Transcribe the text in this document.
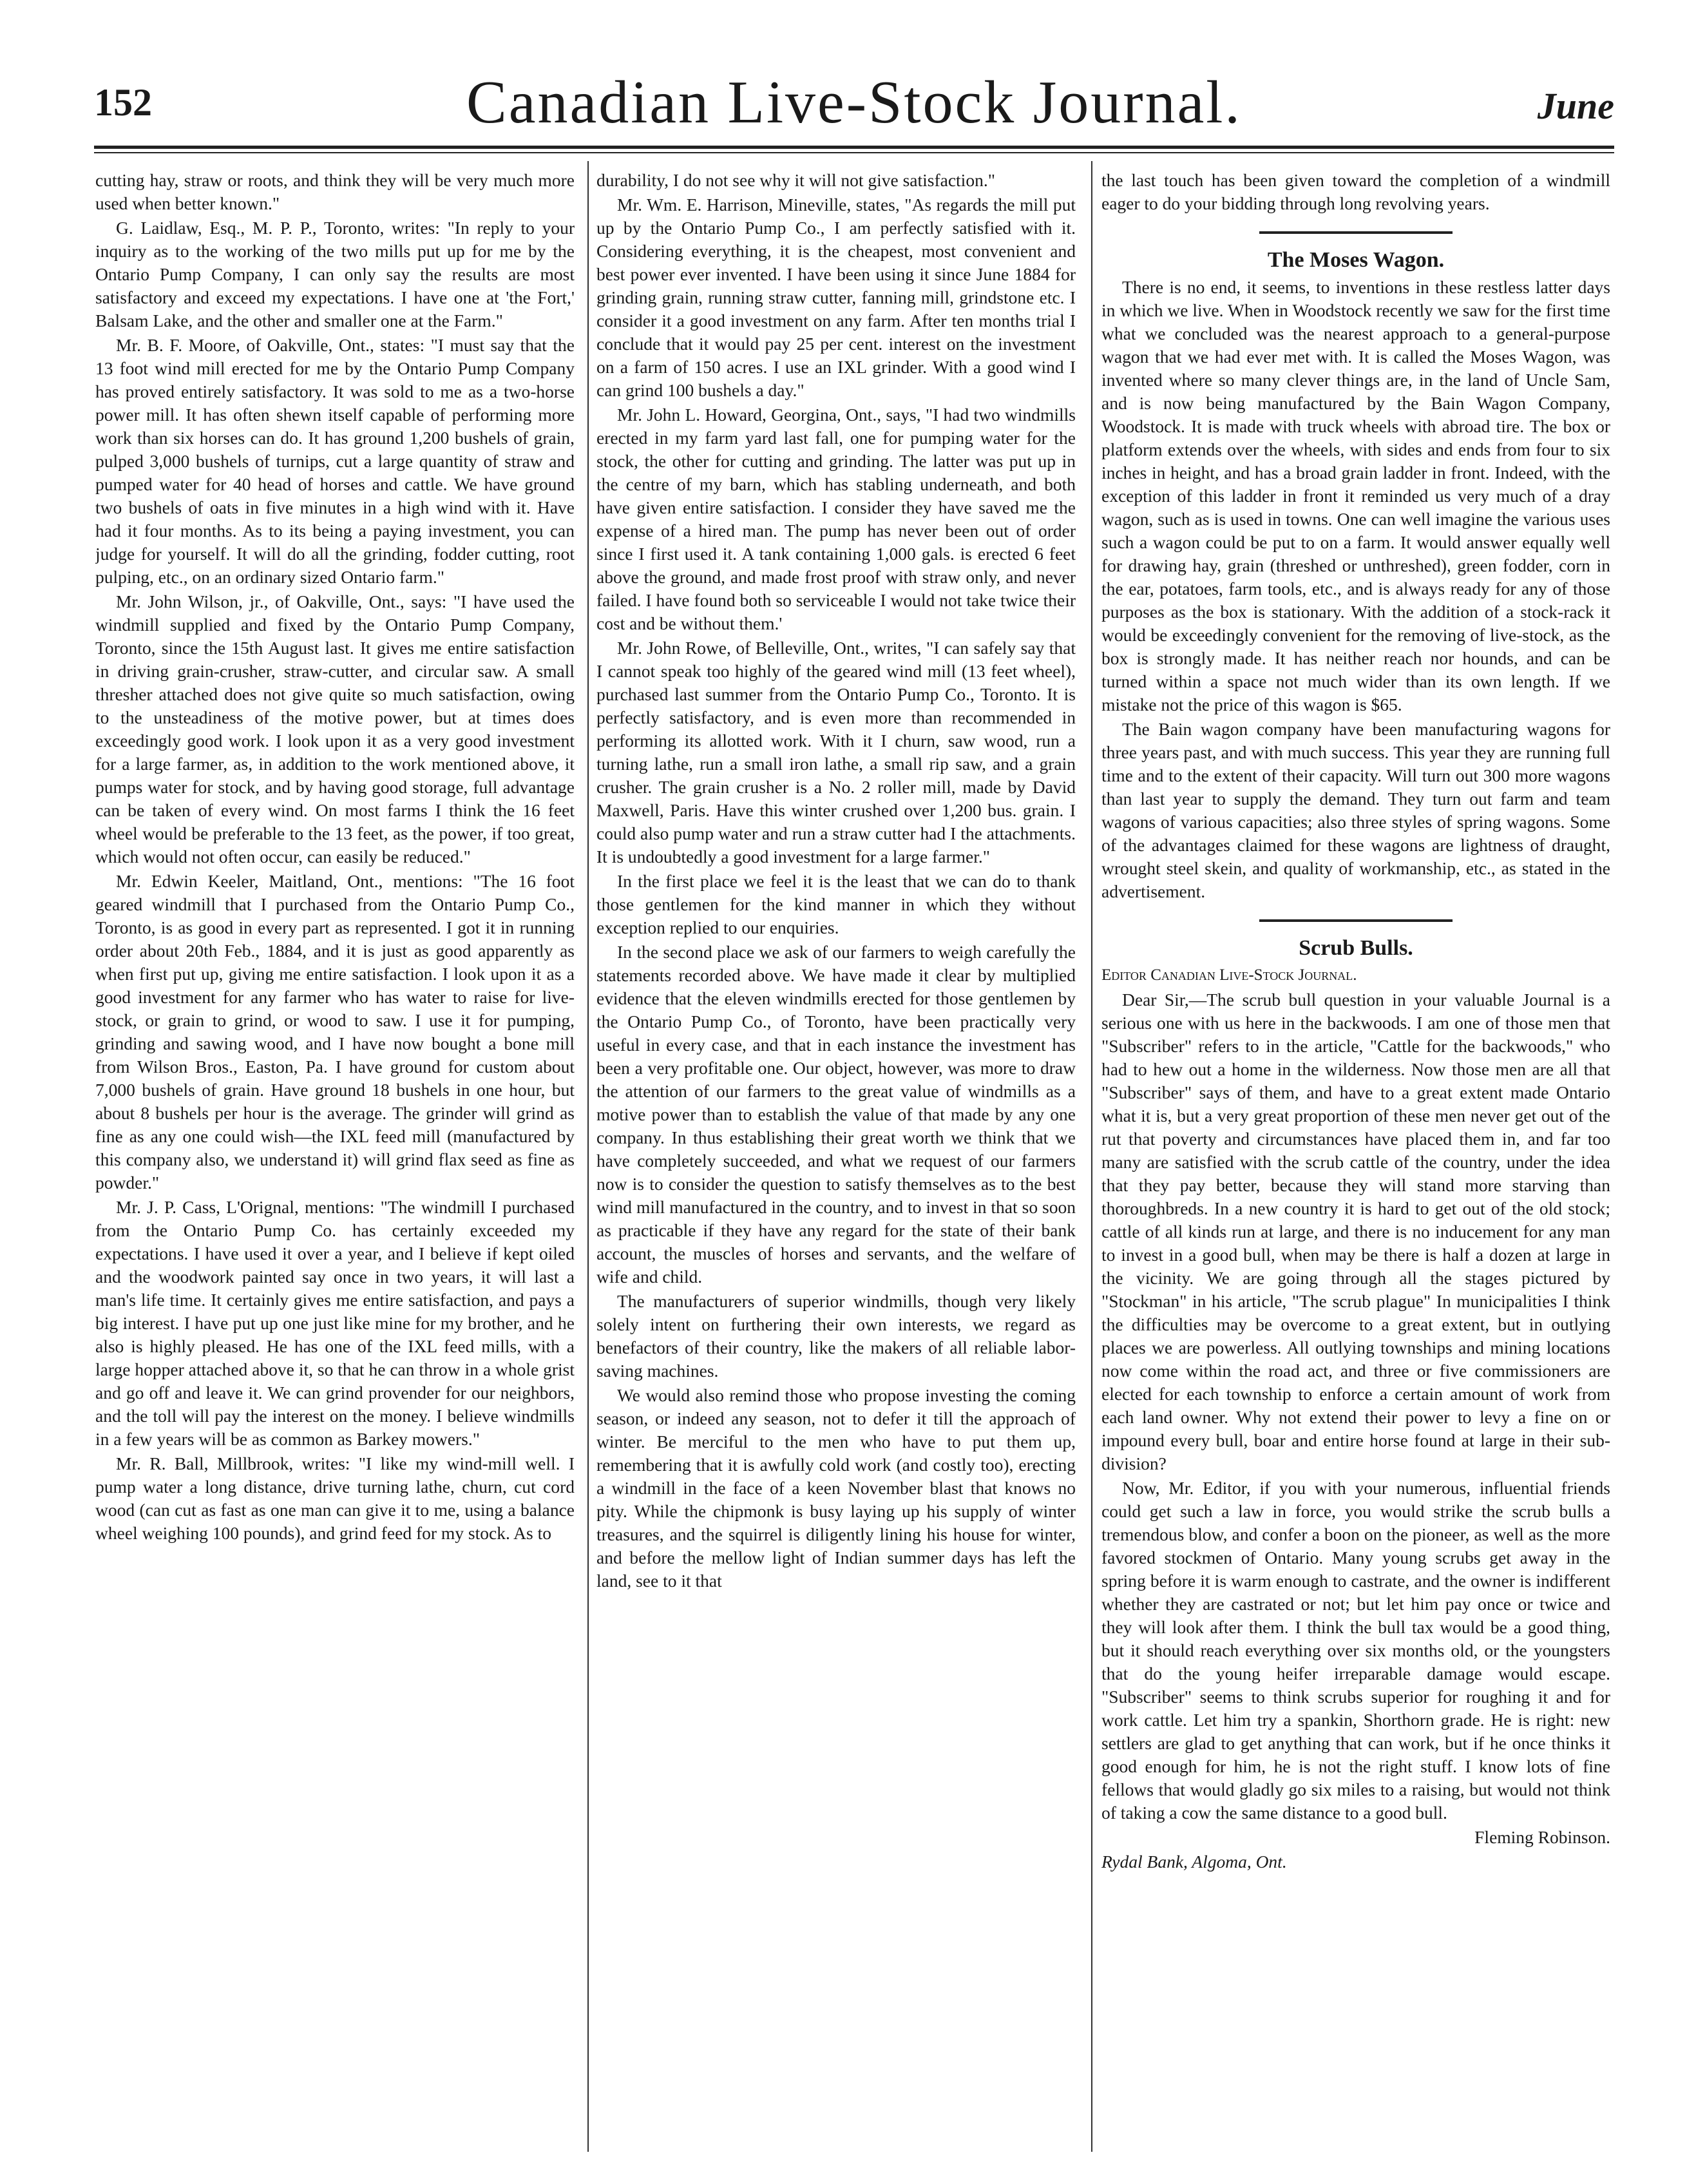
152	Canadian Live-Stock Journal.	June

cutting hay, straw or roots, and think they will be very much more used when better known."

G. Laidlaw, Esq., M. P. P., Toronto, writes: "In reply to your inquiry as to the working of the two mills put up for me by the Ontario Pump Company, I can only say the results are most satisfactory and exceed my expectations. I have one at 'the Fort,' Balsam Lake, and the other and smaller one at the Farm."

Mr. B. F. Moore, of Oakville, Ont., states: "I must say that the 13 foot wind mill erected for me by the Ontario Pump Company has proved entirely satisfactory. It was sold to me as a two-horse power mill. It has often shewn itself capable of performing more work than six horses can do. It has ground 1,200 bushels of grain, pulped 3,000 bushels of turnips, cut a large quantity of straw and pumped water for 40 head of horses and cattle. We have ground two bushels of oats in five minutes in a high wind with it. Have had it four months. As to its being a paying investment, you can judge for yourself. It will do all the grinding, fodder cutting, root pulping, etc., on an ordinary sized Ontario farm."

Mr. John Wilson, jr., of Oakville, Ont., says: "I have used the windmill supplied and fixed by the Ontario Pump Company, Toronto, since the 15th August last. It gives me entire satisfaction in driving grain-crusher, straw-cutter, and circular saw. A small thresher attached does not give quite so much satisfaction, owing to the unsteadiness of the motive power, but at times does exceedingly good work. I look upon it as a very good investment for a large farmer, as, in addition to the work mentioned above, it pumps water for stock, and by having good storage, full advantage can be taken of every wind. On most farms I think the 16 feet wheel would be preferable to the 13 feet, as the power, if too great, which would not often occur, can easily be reduced."

Mr. Edwin Keeler, Maitland, Ont., mentions: "The 16 foot geared windmill that I purchased from the Ontario Pump Co., Toronto, is as good in every part as represented. I got it in running order about 20th Feb., 1884, and it is just as good apparently as when first put up, giving me entire satisfaction. I look upon it as a good investment for any farmer who has water to raise for live-stock, or grain to grind, or wood to saw. I use it for pumping, grinding and sawing wood, and I have now bought a bone mill from Wilson Bros., Easton, Pa. I have ground for custom about 7,000 bushels of grain. Have ground 18 bushels in one hour, but about 8 bushels per hour is the average. The grinder will grind as fine as any one could wish—the IXL feed mill (manufactured by this company also, we understand it) will grind flax seed as fine as powder."

Mr. J. P. Cass, L'Orignal, mentions: "The windmill I purchased from the Ontario Pump Co. has certainly exceeded my expectations. I have used it over a year, and I believe if kept oiled and the woodwork painted say once in two years, it will last a man's life time. It certainly gives me entire satisfaction, and pays a big interest. I have put up one just like mine for my brother, and he also is highly pleased. He has one of the IXL feed mills, with a large hopper attached above it, so that he can throw in a whole grist and go off and leave it. We can grind provender for our neighbors, and the toll will pay the interest on the money. I believe windmills in a few years will be as common as Barkey mowers."

Mr. R. Ball, Millbrook, writes: "I like my wind-mill well. I pump water a long distance, drive turning lathe, churn, cut cord wood (can cut as fast as one man can give it to me, using a balance wheel weighing 100 pounds), and grind feed for my stock. As to

durability, I do not see why it will not give satisfaction."

Mr. Wm. E. Harrison, Mineville, states, "As regards the mill put up by the Ontario Pump Co., I am perfectly satisfied with it. Considering everything, it is the cheapest, most convenient and best power ever invented. I have been using it since June 1884 for grinding grain, running straw cutter, fanning mill, grindstone etc. I consider it a good investment on any farm. After ten months trial I conclude that it would pay 25 per cent. interest on the investment on a farm of 150 acres. I use an IXL grinder. With a good wind I can grind 100 bushels a day."

Mr. John L. Howard, Georgina, Ont., says, "I had two windmills erected in my farm yard last fall, one for pumping water for the stock, the other for cutting and grinding. The latter was put up in the centre of my barn, which has stabling underneath, and both have given entire satisfaction. I consider they have saved me the expense of a hired man. The pump has never been out of order since I first used it. A tank containing 1,000 gals. is erected 6 feet above the ground, and made frost proof with straw only, and never failed. I have found both so serviceable I would not take twice their cost and be without them.'

Mr. John Rowe, of Belleville, Ont., writes, "I can safely say that I cannot speak too highly of the geared wind mill (13 feet wheel), purchased last summer from the Ontario Pump Co., Toronto. It is perfectly satisfactory, and is even more than recommended in performing its allotted work. With it I churn, saw wood, run a turning lathe, run a small iron lathe, a small rip saw, and a grain crusher. The grain crusher is a No. 2 roller mill, made by David Maxwell, Paris. Have this winter crushed over 1,200 bus. grain. I could also pump water and run a straw cutter had I the attachments. It is undoubtedly a good investment for a large farmer."

In the first place we feel it is the least that we can do to thank those gentlemen for the kind manner in which they without exception replied to our enquiries.

In the second place we ask of our farmers to weigh carefully the statements recorded above. We have made it clear by multiplied evidence that the eleven windmills erected for those gentlemen by the Ontario Pump Co., of Toronto, have been practically very useful in every case, and that in each instance the investment has been a very profitable one. Our object, however, was more to draw the attention of our farmers to the great value of windmills as a motive power than to establish the value of that made by any one company. In thus establishing their great worth we think that we have completely succeeded, and what we request of our farmers now is to consider the question to satisfy themselves as to the best wind mill manufactured in the country, and to invest in that so soon as practicable if they have any regard for the state of their bank account, the muscles of horses and servants, and the welfare of wife and child.

The manufacturers of superior windmills, though very likely solely intent on furthering their own interests, we regard as benefactors of their country, like the makers of all reliable labor-saving machines.

We would also remind those who propose investing the coming season, or indeed any season, not to defer it till the approach of winter. Be merciful to the men who have to put them up, remembering that it is awfully cold work (and costly too), erecting a windmill in the face of a keen November blast that knows no pity. While the chipmonk is busy laying up his supply of winter treasures, and the squirrel is diligently lining his house for winter, and before the mellow light of Indian summer days has left the land, see to it that

the last touch has been given toward the completion of a windmill eager to do your bidding through long revolving years.

The Moses Wagon.

There is no end, it seems, to inventions in these restless latter days in which we live. When in Woodstock recently we saw for the first time what we concluded was the nearest approach to a general-purpose wagon that we had ever met with. It is called the Moses Wagon, was invented where so many clever things are, in the land of Uncle Sam, and is now being manufactured by the Bain Wagon Company, Woodstock. It is made with truck wheels with abroad tire. The box or platform extends over the wheels, with sides and ends from four to six inches in height, and has a broad grain ladder in front. Indeed, with the exception of this ladder in front it reminded us very much of a dray wagon, such as is used in towns. One can well imagine the various uses such a wagon could be put to on a farm. It would answer equally well for drawing hay, grain (threshed or unthreshed), green fodder, corn in the ear, potatoes, farm tools, etc., and is always ready for any of those purposes as the box is stationary. With the addition of a stock-rack it would be exceedingly convenient for the removing of live-stock, as the box is strongly made. It has neither reach nor hounds, and can be turned within a space not much wider than its own length. If we mistake not the price of this wagon is $65.

The Bain wagon company have been manufacturing wagons for three years past, and with much success. This year they are running full time and to the extent of their capacity. Will turn out 300 more wagons than last year to supply the demand. They turn out farm and team wagons of various capacities; also three styles of spring wagons. Some of the advantages claimed for these wagons are lightness of draught, wrought steel skein, and quality of workmanship, etc., as stated in the advertisement.

Scrub Bulls.

Editor Canadian Live-Stock Journal.

Dear Sir,—The scrub bull question in your valuable Journal is a serious one with us here in the backwoods. I am one of those men that "Subscriber" refers to in the article, "Cattle for the backwoods," who had to hew out a home in the wilderness. Now those men are all that "Subscriber" says of them, and have to a great extent made Ontario what it is, but a very great proportion of these men never get out of the rut that poverty and circumstances have placed them in, and far too many are satisfied with the scrub cattle of the country, under the idea that they pay better, because they will stand more starving than thoroughbreds. In a new country it is hard to get out of the old stock; cattle of all kinds run at large, and there is no inducement for any man to invest in a good bull, when may be there is half a dozen at large in the vicinity. We are going through all the stages pictured by "Stockman" in his article, "The scrub plague" In municipalities I think the difficulties may be overcome to a great extent, but in outlying places we are powerless. All outlying townships and mining locations now come within the road act, and three or five commissioners are elected for each township to enforce a certain amount of work from each land owner. Why not extend their power to levy a fine on or impound every bull, boar and entire horse found at large in their sub-division?

Now, Mr. Editor, if you with your numerous, influential friends could get such a law in force, you would strike the scrub bulls a tremendous blow, and confer a boon on the pioneer, as well as the more favored stockmen of Ontario. Many young scrubs get away in the spring before it is warm enough to castrate, and the owner is indifferent whether they are castrated or not; but let him pay once or twice and they will look after them. I think the bull tax would be a good thing, but it should reach everything over six months old, or the youngsters that do the young heifer irreparable damage would escape. "Subscriber" seems to think scrubs superior for roughing it and for work cattle. Let him try a spankin, Shorthorn grade. He is right: new settlers are glad to get anything that can work, but if he once thinks it good enough for him, he is not the right stuff. I know lots of fine fellows that would gladly go six miles to a raising, but would not think of taking a cow the same distance to a good bull.

Fleming Robinson.

Rydal Bank, Algoma, Ont.
